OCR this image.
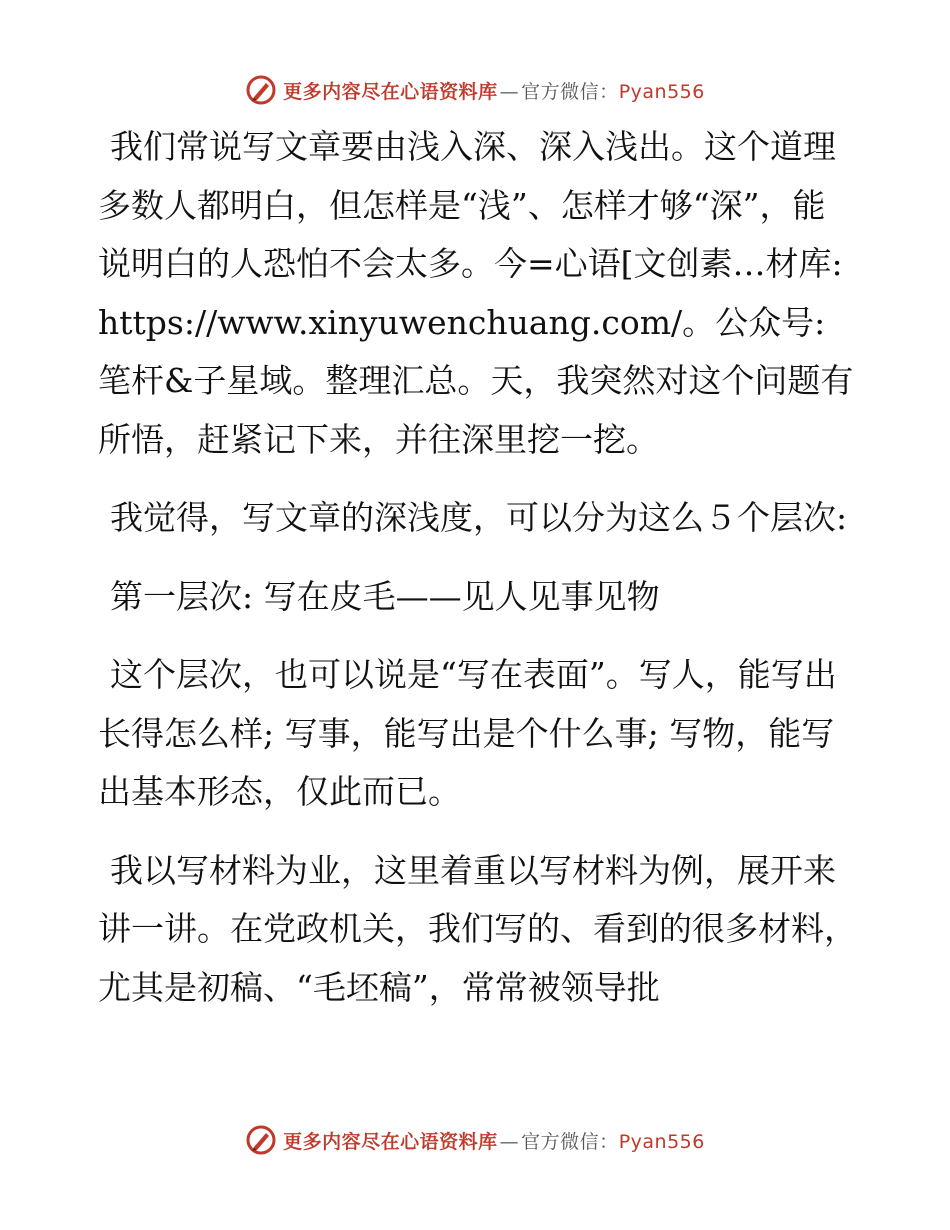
更多内容尽在心语资料库 — 官方微信：Pyan556

我们常说写文章要由浅入深、深入浅出。这个道理多数人都明白，但怎样是“浅”、怎样才够“深”，能说明白的人恐怕不会太多。今=心语[文创素…材库: https://www.xinyuwenchuang.com/。公众号: 笔杆&子星域。整理汇总。天，我突然对这个问题有所悟，赶紧记下来，并往深里挖一挖。

我觉得，写文章的深浅度，可以分为这么５个层次:

第一层次: 写在皮毛——见人见事见物

这个层次，也可以说是“写在表面”。写人，能写出长得怎么样; 写事，能写出是个什么事; 写物，能写出基本形态，仅此而已。

我以写材料为业，这里着重以写材料为例，展开来讲一讲。在党政机关，我们写的、看到的很多材料，尤其是初稿、“毛坯稿”，常常被领导批

更多内容尽在心语资料库 — 官方微信：Pyan556
